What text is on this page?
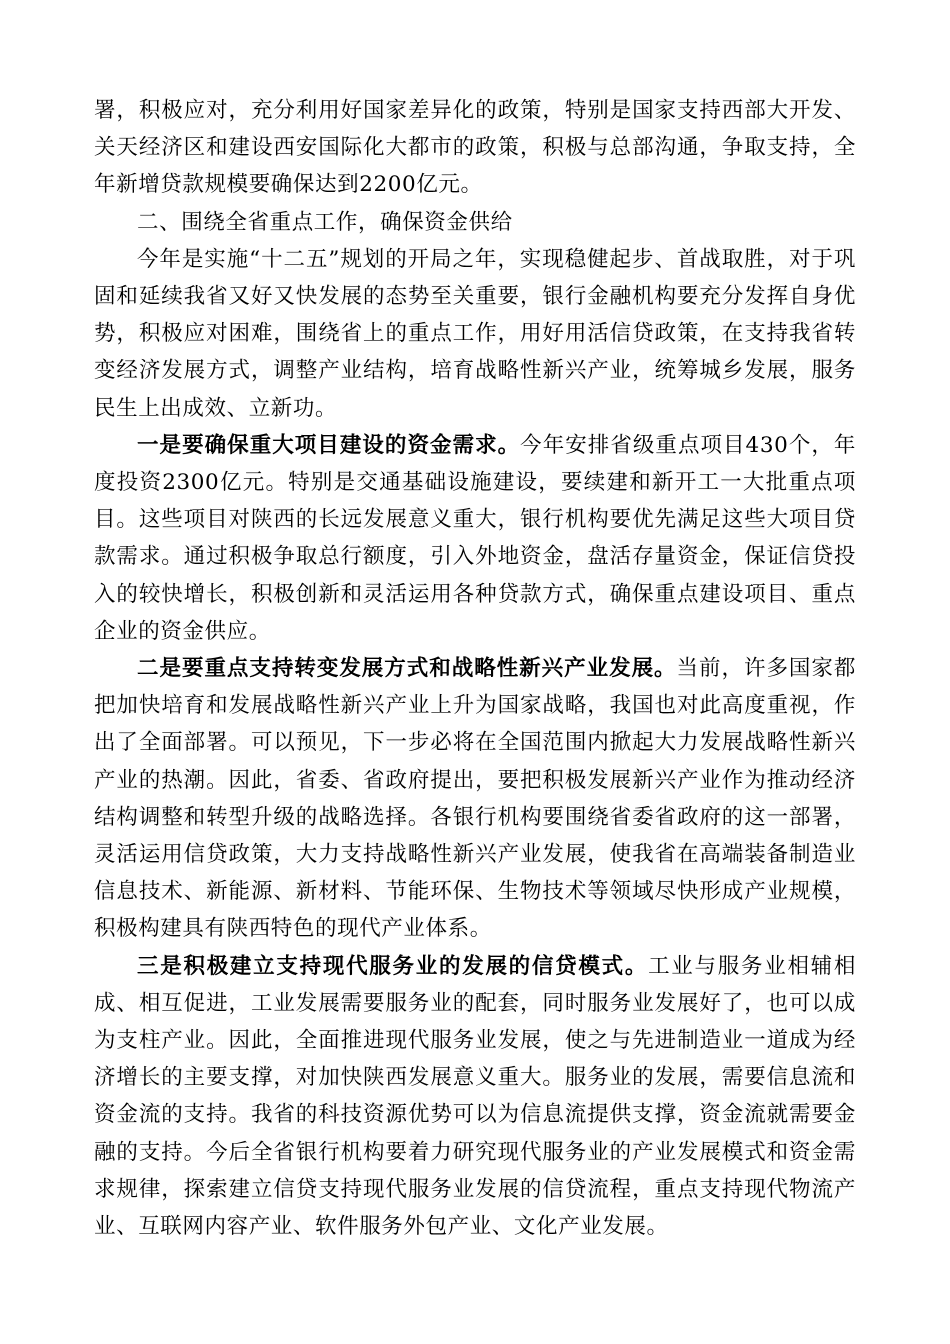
署，积极应对，充分利用好国家差异化的政策，特别是国家支持西部大开发、关天经济区和建设西安国际化大都市的政策，积极与总部沟通，争取支持，全年新增贷款规模要确保达到2200亿元。

二、围绕全省重点工作，确保资金供给

今年是实施“十二五”规划的开局之年，实现稳健起步、首战取胜，对于巩固和延续我省又好又快发展的态势至关重要，银行金融机构要充分发挥自身优势，积极应对困难，围绕省上的重点工作，用好用活信贷政策，在支持我省转变经济发展方式，调整产业结构，培育战略性新兴产业，统筹城乡发展，服务民生上出成效、立新功。

一是要确保重大项目建设的资金需求。今年安排省级重点项目430个，年度投资2300亿元。特别是交通基础设施建设，要续建和新开工一大批重点项目。这些项目对陕西的长远发展意义重大，银行机构要优先满足这些大项目贷款需求。通过积极争取总行额度，引入外地资金，盘活存量资金，保证信贷投入的较快增长，积极创新和灵活运用各种贷款方式，确保重点建设项目、重点企业的资金供应。

二是要重点支持转变发展方式和战略性新兴产业发展。当前，许多国家都把加快培育和发展战略性新兴产业上升为国家战略，我国也对此高度重视，作出了全面部署。可以预见，下一步必将在全国范围内掀起大力发展战略性新兴产业的热潮。因此，省委、省政府提出，要把积极发展新兴产业作为推动经济结构调整和转型升级的战略选择。各银行机构要围绕省委省政府的这一部署，灵活运用信贷政策，大力支持战略性新兴产业发展，使我省在高端装备制造业信息技术、新能源、新材料、节能环保、生物技术等领域尽快形成产业规模，积极构建具有陕西特色的现代产业体系。

三是积极建立支持现代服务业的发展的信贷模式。工业与服务业相辅相成、相互促进，工业发展需要服务业的配套，同时服务业发展好了，也可以成为支柱产业。因此，全面推进现代服务业发展，使之与先进制造业一道成为经济增长的主要支撑，对加快陕西发展意义重大。服务业的发展，需要信息流和资金流的支持。我省的科技资源优势可以为信息流提供支撑，资金流就需要金融的支持。今后全省银行机构要着力研究现代服务业的产业发展模式和资金需求规律，探索建立信贷支持现代服务业发展的信贷流程，重点支持现代物流产业、互联网内容产业、软件服务外包产业、文化产业发展。
